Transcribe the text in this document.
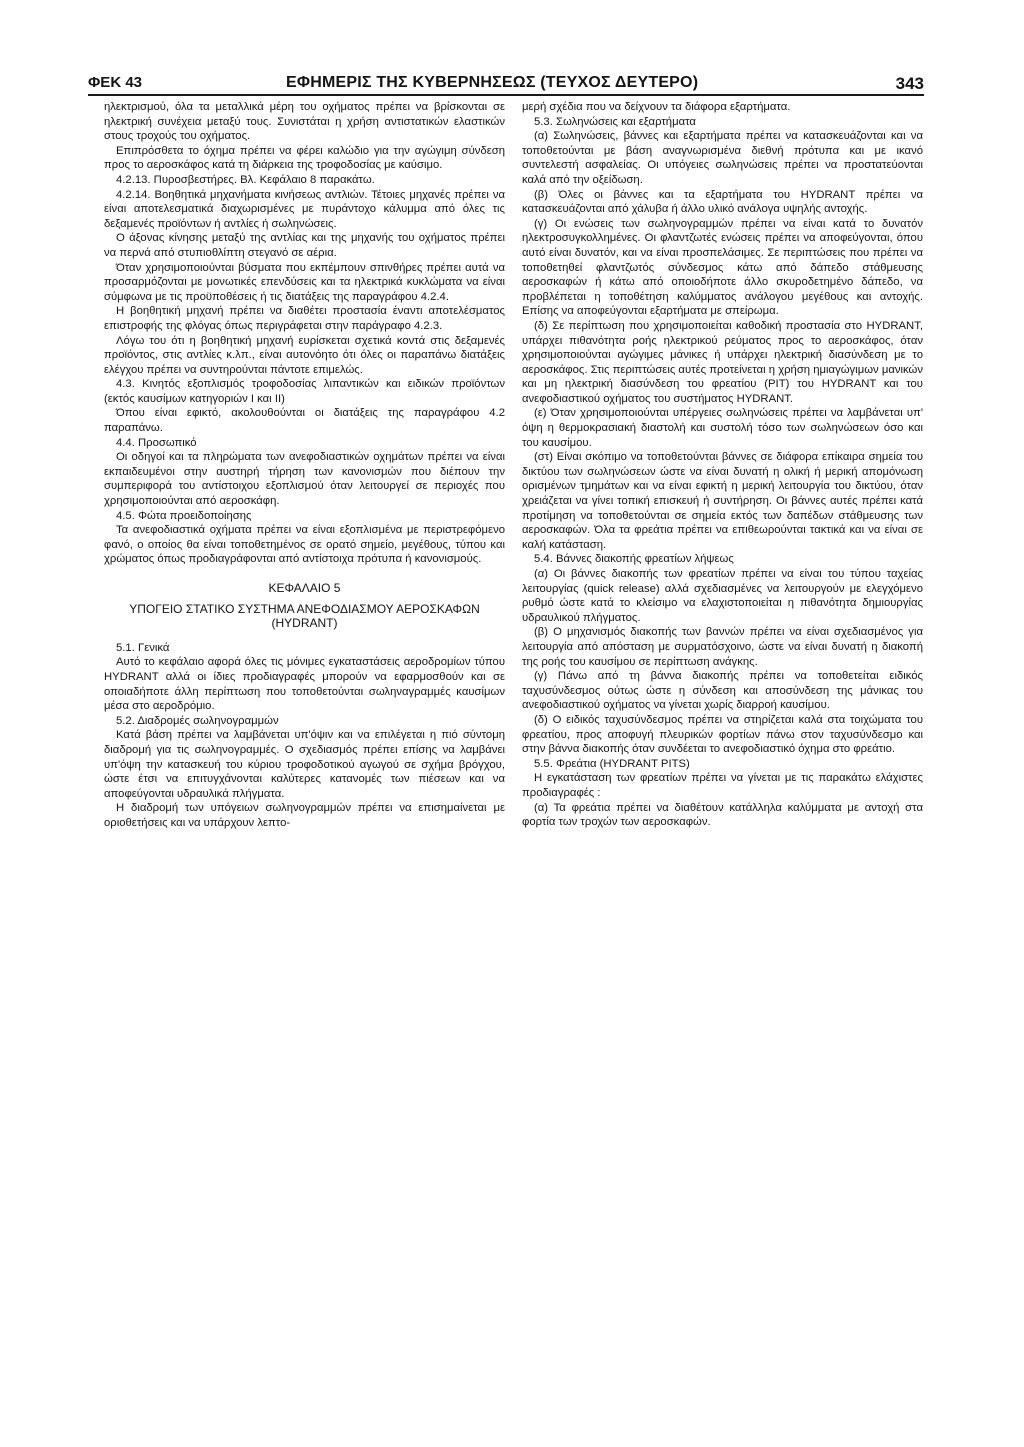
ΦΕΚ 43	ΕΦΗΜΕΡΙΣ ΤΗΣ ΚΥΒΕΡΝΗΣΕΩΣ (ΤΕΥΧΟΣ ΔΕΥΤΕΡΟ)	343

ηλεκτρισμού, όλα τα μεταλλικά μέρη του οχήματος πρέπει να βρίσκονται σε ηλεκτρική συνέχεια μεταξύ τους. Συνιστάται η χρήση αντιστατικών ελαστικών στους τροχούς του οχήματος.

Επιπρόσθετα το όχημα πρέπει να φέρει καλώδιο για την αγώγιμη σύνδεση προς το αεροσκάφος κατά τη διάρκεια της τροφοδοσίας με καύσιμο.

4.2.13. Πυροσβεστήρες. Βλ. Κεφάλαιο 8 παρακάτω.

4.2.14. Βοηθητικά μηχανήματα κινήσεως αντλιών. Τέτοιες μηχανές πρέπει να είναι αποτελεσματικά διαχωρισμένες με πυράντοχο κάλυμμα από όλες τις δεξαμενές προϊόντων ή αντλίες ή σωληνώσεις.

Ο άξονας κίνησης μεταξύ της αντλίας και της μηχανής του οχήματος πρέπει να περνά από στυπιοθλίπτη στεγανό σε αέρια.

Όταν χρησιμοποιούνται βύσματα που εκπέμπουν σπινθήρες πρέπει αυτά να προσαρμόζονται με μονωτικές επενδύσεις και τα ηλεκτρικά κυκλώματα να είναι σύμφωνα με τις προϋποθέσεις ή τις διατάξεις της παραγράφου 4.2.4.

Η βοηθητική μηχανή πρέπει να διαθέτει προστασία έναντι αποτελέσματος επιστροφής της φλόγας όπως περιγράφεται στην παράγραφο 4.2.3.

Λόγω του ότι η βοηθητική μηχανή ευρίσκεται σχετικά κοντά στις δεξαμενές προϊόντος, στις αντλίες κ.λπ., είναι αυτονόητο ότι όλες οι παραπάνω διατάξεις ελέγχου πρέπει να συντηρούνται πάντοτε επιμελώς.

4.3. Κινητός εξοπλισμός τροφοδοσίας λιπαντικών και ειδικών προϊόντων (εκτός καυσίμων κατηγοριών I και II)

Όπου είναι εφικτό, ακολουθούνται οι διατάξεις της παραγράφου 4.2 παραπάνω.

4.4. Προσωπικό

Οι οδηγοί και τα πληρώματα των ανεφοδιαστικών οχημάτων πρέπει να είναι εκπαιδευμένοι στην αυστηρή τήρηση των κανονισμών που διέπουν την συμπεριφορά του αντίστοιχου εξοπλισμού όταν λειτουργεί σε περιοχές που χρησιμοποιούνται από αεροσκάφη.

4.5. Φώτα προειδοποίησης

Τα ανεφοδιαστικά οχήματα πρέπει να είναι εξοπλισμένα με περιστρεφόμενο φανό, ο οποίος θα είναι τοποθετημένος σε ορατό σημείο, μεγέθους, τύπου και χρώματος όπως προδιαγράφονται από αντίστοιχα πρότυπα ή κανονισμούς.

ΚΕΦΑΛΑΙΟ 5

ΥΠΟΓΕΙΟ ΣΤΑΤΙΚΟ ΣΥΣΤΗΜΑ ΑΝΕΦΟΔΙΑΣΜΟΥ ΑΕΡΟΣΚΑΦΩΝ (HYDRANT)

5.1. Γενικά

Αυτό το κεφάλαιο αφορά όλες τις μόνιμες εγκαταστάσεις αεροδρομίων τύπου HYDRANT αλλά οι ίδιες προδιαγραφές μπορούν να εφαρμοσθούν και σε οποιαδήποτε άλλη περίπτωση που τοποθετούνται σωληναγραμμές καυσίμων μέσα στο αεροδρόμιο.

5.2. Διαδρομές σωληνογραμμών

Κατά βάση πρέπει να λαμβάνεται υπ'όψιν και να επιλέγεται η πιό σύντομη διαδρομή για τις σωληνογραμμές. Ο σχεδιασμός πρέπει επίσης να λαμβάνει υπ'όψη την κατασκευή του κύριου τροφοδοτικού αγωγού σε σχήμα βρόγχου, ώστε έτσι να επιτυγχάνονται καλύτερες κατανομές των πιέσεων και να αποφεύγονται υδραυλικά πλήγματα.

Η διαδρομή των υπόγειων σωληνογραμμών πρέπει να επισημαίνεται με οριοθετήσεις και να υπάρχουν λεπτο-

μερή σχέδια που να δείχνουν τα διάφορα εξαρτήματα.

5.3. Σωληνώσεις και εξαρτήματα

(α) Σωληνώσεις, βάννες και εξαρτήματα πρέπει να κατασκευάζονται και να τοποθετούνται με βάση αναγνωρισμένα διεθνή πρότυπα και με ικανό συντελεστή ασφαλείας. Οι υπόγειες σωληνώσεις πρέπει να προστατεύονται καλά από την οξείδωση.

(β) Όλες οι βάννες και τα εξαρτήματα του HYDRANT πρέπει να κατασκευάζονται από χάλυβα ή άλλο υλικό ανάλογα υψηλής αντοχής.

(γ) Οι ενώσεις των σωληνογραμμών πρέπει να είναι κατά το δυνατόν ηλεκτροσυγκολλημένες. Οι φλαντζωτές ενώσεις πρέπει να αποφεύγονται, όπου αυτό είναι δυνατόν, και να είναι προσπελάσιμες. Σε περιπτώσεις που πρέπει να τοποθετηθεί φλαντζωτός σύνδεσμος κάτω από δάπεδο στάθμευσης αεροσκαφών ή κάτω από οποιοδήποτε άλλο σκυροδετημένο δάπεδο, να προβλέπεται η τοποθέτηση καλύμματος ανάλογου μεγέθους και αντοχής. Επίσης να αποφεύγονται εξαρτήματα με σπείρωμα.

(δ) Σε περίπτωση που χρησιμοποιείται καθοδική προστασία στο HYDRANT, υπάρχει πιθανότητα ροής ηλεκτρικού ρεύματος προς το αεροσκάφος, όταν χρησιμοποιούνται αγώγιμες μάνικες ή υπάρχει ηλεκτρική διασύνδεση με το αεροσκάφος. Στις περιπτώσεις αυτές προτείνεται η χρήση ημιαγώγιμων μανικών και μη ηλεκτρική διασύνδεση του φρεατίου (PIT) του HYDRANT και του ανεφοδιαστικού οχήματος του συστήματος HYDRANT.

(ε) Όταν χρησιμοποιούνται υπέργειες σωληνώσεις πρέπει να λαμβάνεται υπ' όψη η θερμοκρασιακή διαστολή και συστολή τόσο των σωληνώσεων όσο και του καυσίμου.

(στ) Είναι σκόπιμο να τοποθετούνται βάννες σε διάφορα επίκαιρα σημεία του δικτύου των σωληνώσεων ώστε να είναι δυνατή η ολική ή μερική απομόνωση ορισμένων τμημάτων και να είναι εφικτή η μερική λειτουργία του δικτύου, όταν χρειάζεται να γίνει τοπική επισκευή ή συντήρηση. Οι βάννες αυτές πρέπει κατά προτίμηση να τοποθετούνται σε σημεία εκτός των δαπέδων στάθμευσης των αεροσκαφών. Όλα τα φρεάτια πρέπει να επιθεωρούνται τακτικά και να είναι σε καλή κατάσταση.

5.4. Βάννες διακοπής φρεατίων λήψεως

(α) Οι βάννες διακοπής των φρεατίων πρέπει να είναι του τύπου ταχείας λειτουργίας (quick release) αλλά σχεδιασμένες να λειτουργούν με ελεγχόμενο ρυθμό ώστε κατά το κλείσιμο να ελαχιστοποιείται η πιθανότητα δημιουργίας υδραυλικού πλήγματος.

(β) Ο μηχανισμός διακοπής των βαννών πρέπει να είναι σχεδιασμένος για λειτουργία από απόσταση με συρματόσχοινο, ώστε να είναι δυνατή η διακοπή της ροής του καυσίμου σε περίπτωση ανάγκης.

(γ) Πάνω από τη βάννα διακοπής πρέπει να τοποθετείται ειδικός ταχυσύνδεσμος ούτως ώστε η σύνδεση και αποσύνδεση της μάνικας του ανεφοδιαστικού οχήματος να γίνεται χωρίς διαρροή καυσίμου.

(δ) Ο ειδικός ταχυσύνδεσμος πρέπει να στηρίζεται καλά στα τοιχώματα του φρεατίου, προς αποφυγή πλευρικών φορτίων πάνω στον ταχυσύνδεσμο και στην βάννα διακοπής όταν συνδέεται το ανεφοδιαστικό όχημα στο φρεάτιο.

5.5. Φρεάτια (HYDRANT PITS)

Η εγκατάσταση των φρεατίων πρέπει να γίνεται με τις παρακάτω ελάχιστες προδιαγραφές :

(α) Τα φρεάτια πρέπει να διαθέτουν κατάλληλα καλύμματα με αντοχή στα φορτία των τροχών των αεροσκαφών.
